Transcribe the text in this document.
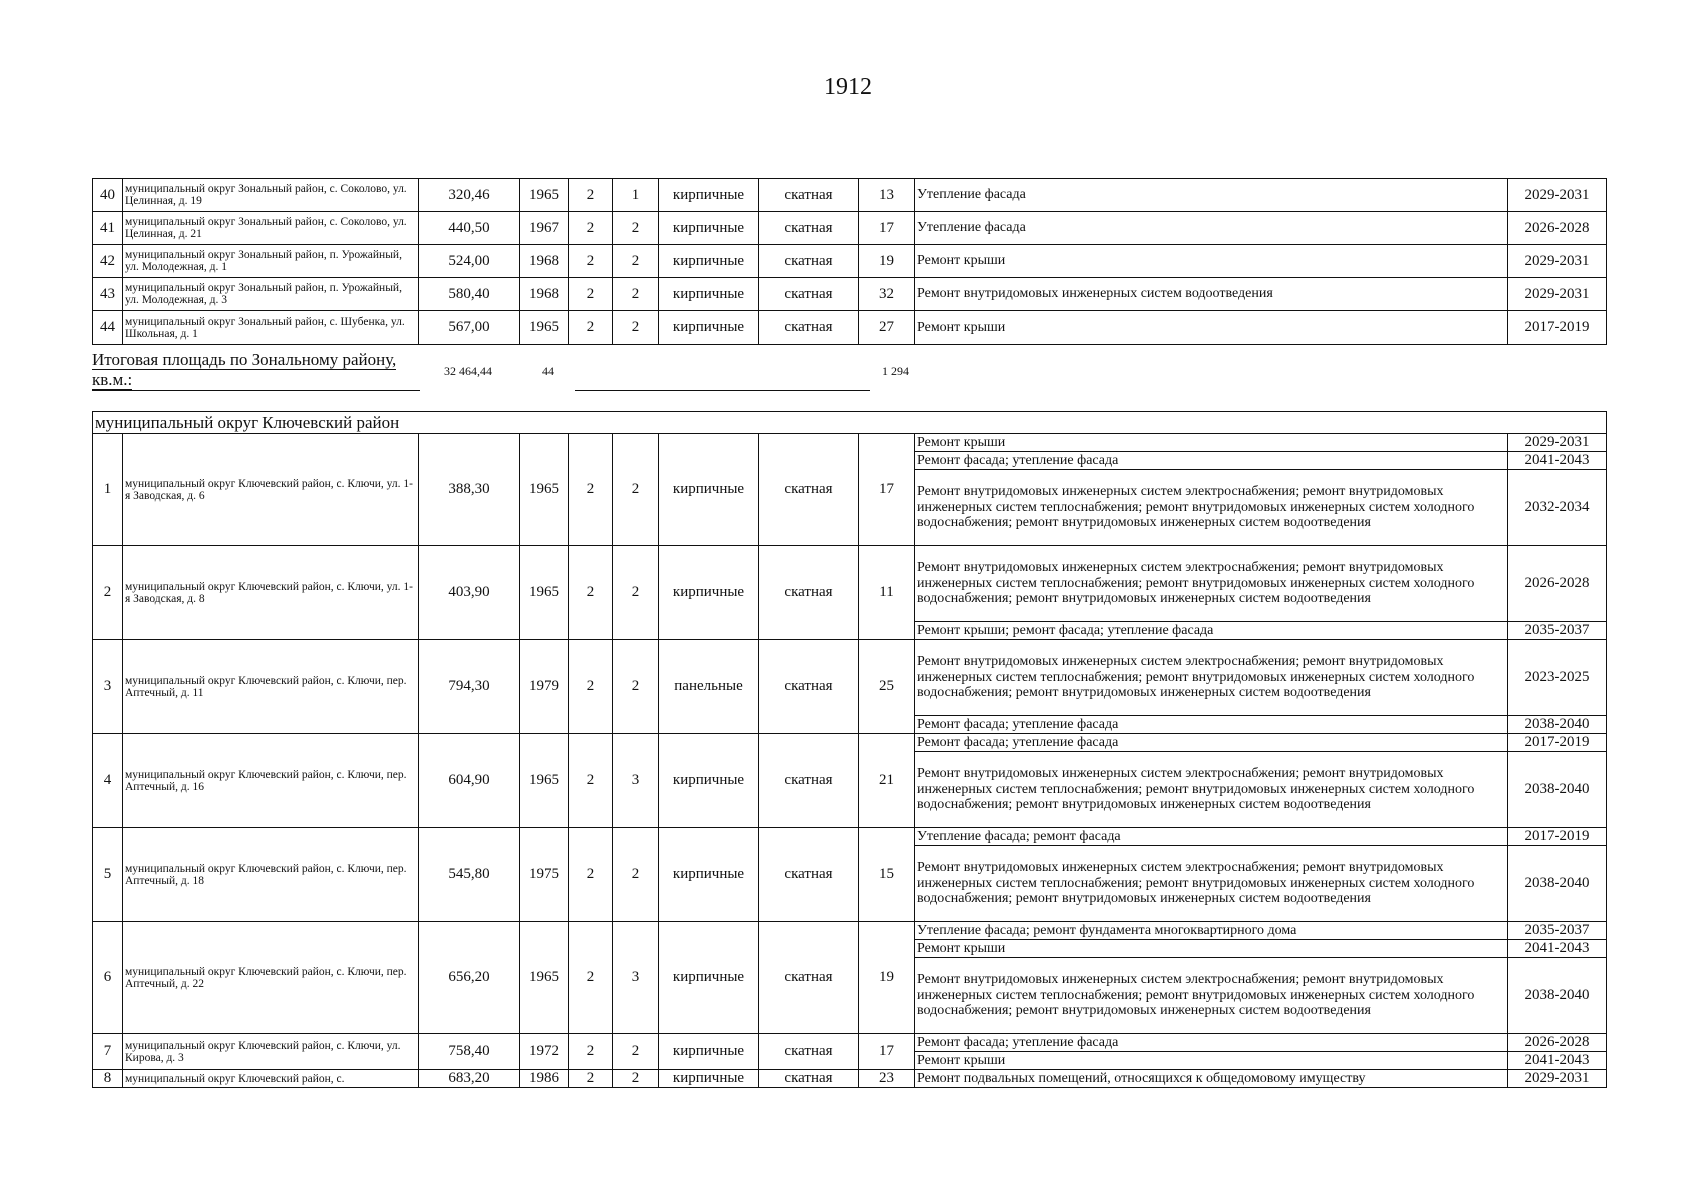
1912
40	муниципальный округ Зональный район, с. Соколово, ул. Целинная, д. 19	320,46	1965	2	1	кирпичные	скатная	13	Утепление фасада	2029-2031
41	муниципальный округ Зональный район, с. Соколово, ул. Целинная, д. 21	440,50	1967	2	2	кирпичные	скатная	17	Утепление фасада	2026-2028
42	муниципальный округ Зональный район, п. Урожайный, ул. Молодежная, д. 1	524,00	1968	2	2	кирпичные	скатная	19	Ремонт крыши	2029-2031
43	муниципальный округ Зональный район, п. Урожайный, ул. Молодежная, д. 3	580,40	1968	2	2	кирпичные	скатная	32	Ремонт внутридомовых инженерных систем водоотведения	2029-2031
44	муниципальный округ Зональный район, с. Шубенка, ул. Школьная, д. 1	567,00	1965	2	2	кирпичные	скатная	27	Ремонт крыши	2017-2019
Итоговая площадь по Зональному району, кв.м.:	32 464,44	44	1 294
муниципальный округ Ключевский район										
1	муниципальный округ Ключевский район, с. Ключи, ул. 1-я Заводская, д. 6	388,30	1965	2	2	кирпичные	скатная	17	Ремонт крыши	2029-2031
									Ремонт фасада; утепление фасада	2041-2043
									Ремонт внутридомовых инженерных систем электроснабжения; ремонт внутридомовых инженерных систем теплоснабжения; ремонт внутридомовых инженерных систем холодного водоснабжения; ремонт внутридомовых инженерных систем водоотведения	2032-2034
2	муниципальный округ Ключевский район, с. Ключи, ул. 1-я Заводская, д. 8	403,90	1965	2	2	кирпичные	скатная	11	Ремонт внутридомовых инженерных систем электроснабжения; ремонт внутридомовых инженерных систем теплоснабжения; ремонт внутридомовых инженерных систем холодного водоснабжения; ремонт внутридомовых инженерных систем водоотведения	2026-2028
									Ремонт крыши; ремонт фасада; утепление фасада	2035-2037
3	муниципальный округ Ключевский район, с. Ключи, пер. Аптечный, д. 11	794,30	1979	2	2	панельные	скатная	25	Ремонт внутридомовых инженерных систем электроснабжения; ремонт внутридомовых инженерных систем теплоснабжения; ремонт внутридомовых инженерных систем холодного водоснабжения; ремонт внутридомовых инженерных систем водоотведения	2023-2025
									Ремонт фасада; утепление фасада	2038-2040
4	муниципальный округ Ключевский район, с. Ключи, пер. Аптечный, д. 16	604,90	1965	2	3	кирпичные	скатная	21	Ремонт фасада; утепление фасада	2017-2019
									Ремонт внутридомовых инженерных систем электроснабжения; ремонт внутридомовых инженерных систем теплоснабжения; ремонт внутридомовых инженерных систем холодного водоснабжения; ремонт внутридомовых инженерных систем водоотведения	2038-2040
5	муниципальный округ Ключевский район, с. Ключи, пер. Аптечный, д. 18	545,80	1975	2	2	кирпичные	скатная	15	Утепление фасада; ремонт фасада	2017-2019
									Ремонт внутридомовых инженерных систем электроснабжения; ремонт внутридомовых инженерных систем теплоснабжения; ремонт внутридомовых инженерных систем холодного водоснабжения; ремонт внутридомовых инженерных систем водоотведения	2038-2040
6	муниципальный округ Ключевский район, с. Ключи, пер. Аптечный, д. 22	656,20	1965	2	3	кирпичные	скатная	19	Утепление фасада; ремонт фундамента многоквартирного дома	2035-2037
									Ремонт крыши	2041-2043
									Ремонт внутридомовых инженерных систем электроснабжения; ремонт внутридомовых инженерных систем теплоснабжения; ремонт внутридомовых инженерных систем холодного водоснабжения; ремонт внутридомовых инженерных систем водоотведения	2038-2040
7	муниципальный округ Ключевский район, с. Ключи, ул. Кирова, д. 3	758,40	1972	2	2	кирпичные	скатная	17	Ремонт фасада; утепление фасада	2026-2028
									Ремонт крыши	2041-2043
8	муниципальный округ Ключевский район, с.	683,20	1986	2	2	кирпичные	скатная	23	Ремонт подвальных помещений, относящихся к общедомовому имуществу	2029-2031
